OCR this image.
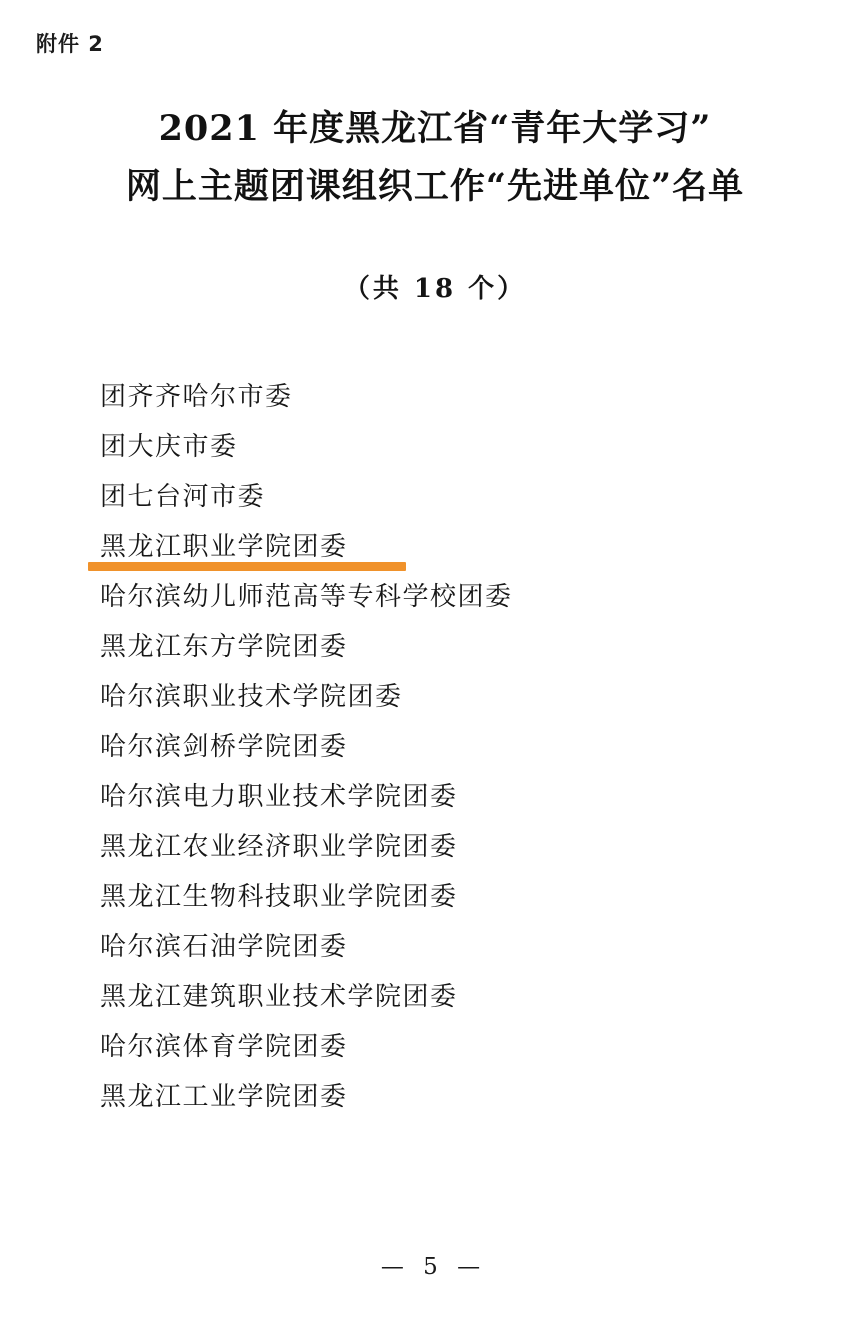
附件 2
2021 年度黑龙江省“青年大学习”
网上主题团课组织工作“先进单位”名单
（共 18 个）
团齐齐哈尔市委
团大庆市委
团七台河市委
黑龙江职业学院团委
哈尔滨幼儿师范高等专科学校团委
黑龙江东方学院团委
哈尔滨职业技术学院团委
哈尔滨剑桥学院团委
哈尔滨电力职业技术学院团委
黑龙江农业经济职业学院团委
黑龙江生物科技职业学院团委
哈尔滨石油学院团委
黑龙江建筑职业技术学院团委
哈尔滨体育学院团委
黑龙江工业学院团委
— 5 —
